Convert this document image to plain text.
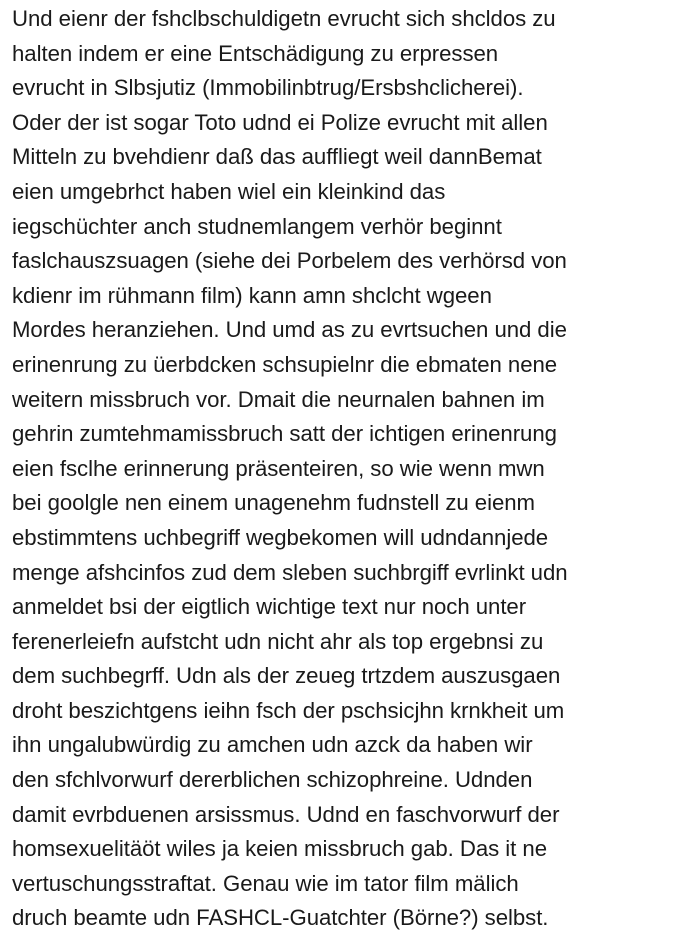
Und eienr der fshclbschuldigetn evrucht sich shcldos zu
halten indem er eine Entschädigung zu erpressen
evrucht in Slbsjutiz (Immobilinbtrug/Ersbshclicherei).
Oder der ist sogar Toto udnd ei Polize evrucht mit allen
Mitteln zu bvehdienr daß das auffliegt weil dannBemat
eien umgebrhct haben wiel ein kleinkind das
iegschüchter anch studnemlangem verhör beginnt
faslchauszsuagen (siehe dei Porbelem des verhörsd von
kdienr im rühmann film) kann amn shclcht wgeen
Mordes heranziehen. Und umd as zu evrtsuchen und die
erinenrung zu üerbdcken schsupielnr die ebmaten nene
weitern missbruch vor. Dmait die neurnalen bahnen im
gehrin zumtehmamissbruch satt der ichtigen erinenrung
eien fsclhe erinnerung präsenteiren, so wie wenn mwn
bei goolgle nen einem unagenehm fudnstell zu eienm
ebstimmtens uchbegriff wegbekomen will udndannjede
menge afshcinfos zud dem sleben suchbrgiff evrlinkt udn
anmeldet bsi der eigtlich wichtige text nur noch unter
ferenerleiefn aufstcht udn nicht ahr als top ergebnsi zu
dem suchbegrff. Udn als der zeueg trtzdem auszusgaen
droht beszichtgens ieihn fsch der pschsicjhn krnkheit um
ihn ungalubwürdig zu amchen udn azck da haben wir
den sfchlvorwurf dererblichen schizophreine. Udnden
damit evrbduenen arsissmus. Udnd en faschvorwurf der
homsexuelitäöt wiles ja keien missbruch gab. Das it ne
vertuschungsstraftat. Genau wie im tator film mälich
druch beamte udn FASHCL-Guatchter (Börne?) selbst.
